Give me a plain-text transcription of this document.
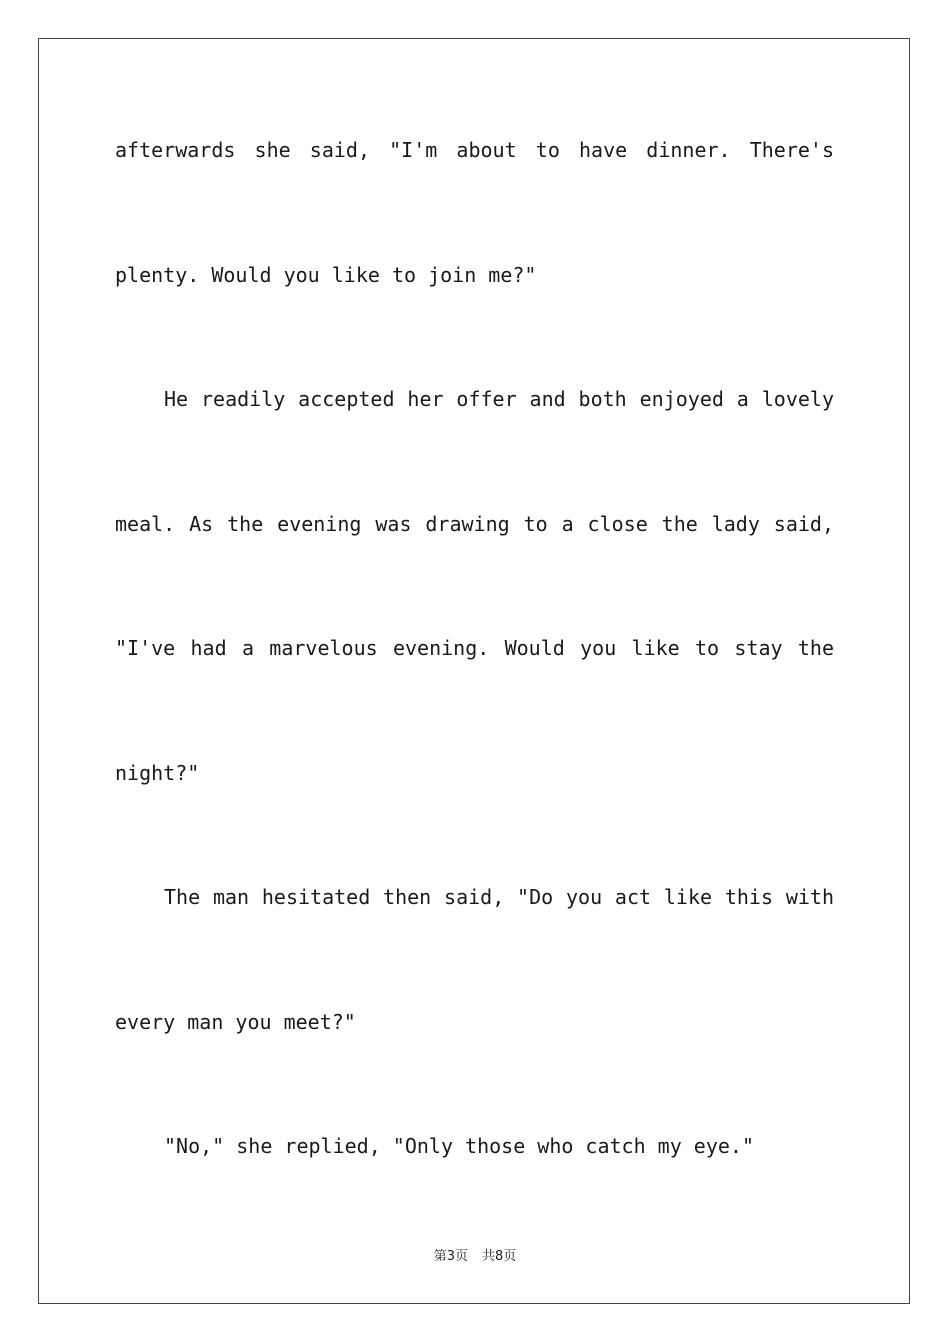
afterwards she said, "I'm about to have dinner. There's
plenty. Would you like to join me?"
He readily accepted her offer and both enjoyed a lovely
meal. As the evening was drawing to a close the lady said,
"I've had a marvelous evening. Would you like to stay the
night?"
The man hesitated then said, "Do you act like this with
every man you meet?"
"No," she replied, "Only those who catch my eye."
第3页 共8页
